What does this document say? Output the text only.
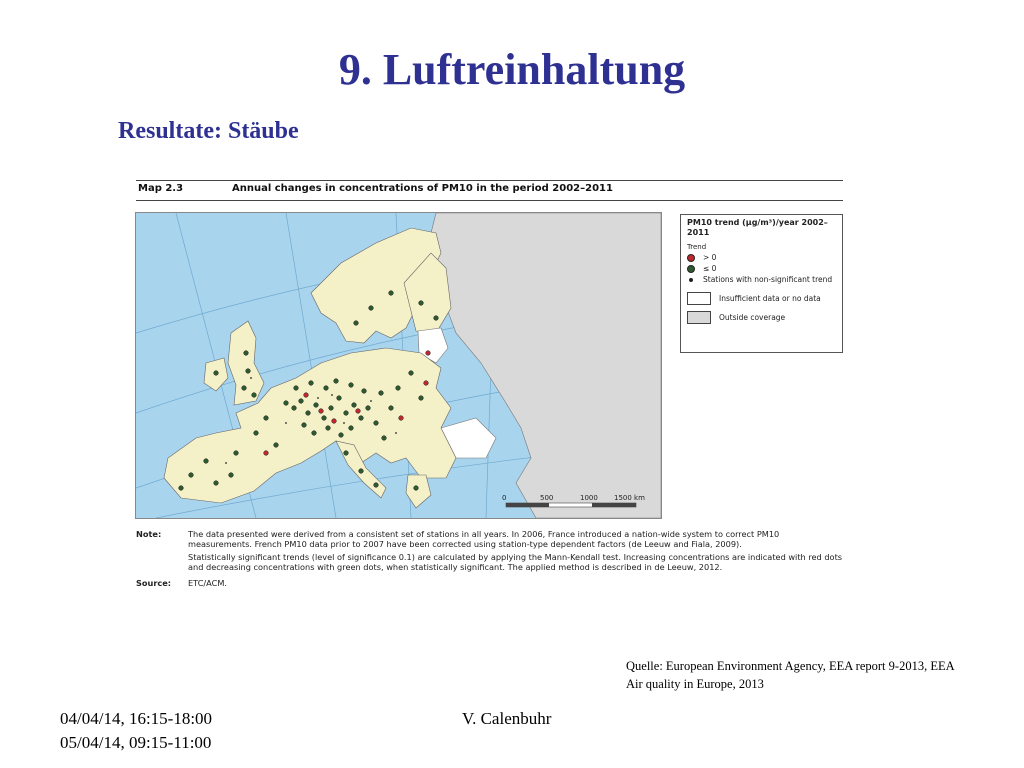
9. Luftreinhaltung
Resultate: Stäube
Map 2.3	Annual changes in concentrations of PM10 in the period 2002–2011
0	500	1000 1500 km
PM10 trend (µg/m³)/year 2002–2011
Trend
> 0
≤ 0
Stations with non-significant trend
Insufficient data or no data
Outside coverage
Note:	The data presented were derived from a consistent set of stations in all years. In 2006, France introduced a nation-wide system to correct PM10 measurements. French PM10 data prior to 2007 have been corrected using station-type dependent factors (de Leeuw and Fiala, 2009).

Statistically significant trends (level of significance 0.1) are calculated by applying the Mann-Kendall test. Increasing concentrations are indicated with red dots and decreasing concentrations with green dots, when statistically significant. The applied method is described in de Leeuw, 2012.

Source:	ETC/ACM.

Quelle: European Environment Agency, EEA report 9-2013, EEA Air quality in Europe, 2013

04/04/14, 16:15-18:00
05/04/14, 09:15-11:00
V. Calenbuhr
